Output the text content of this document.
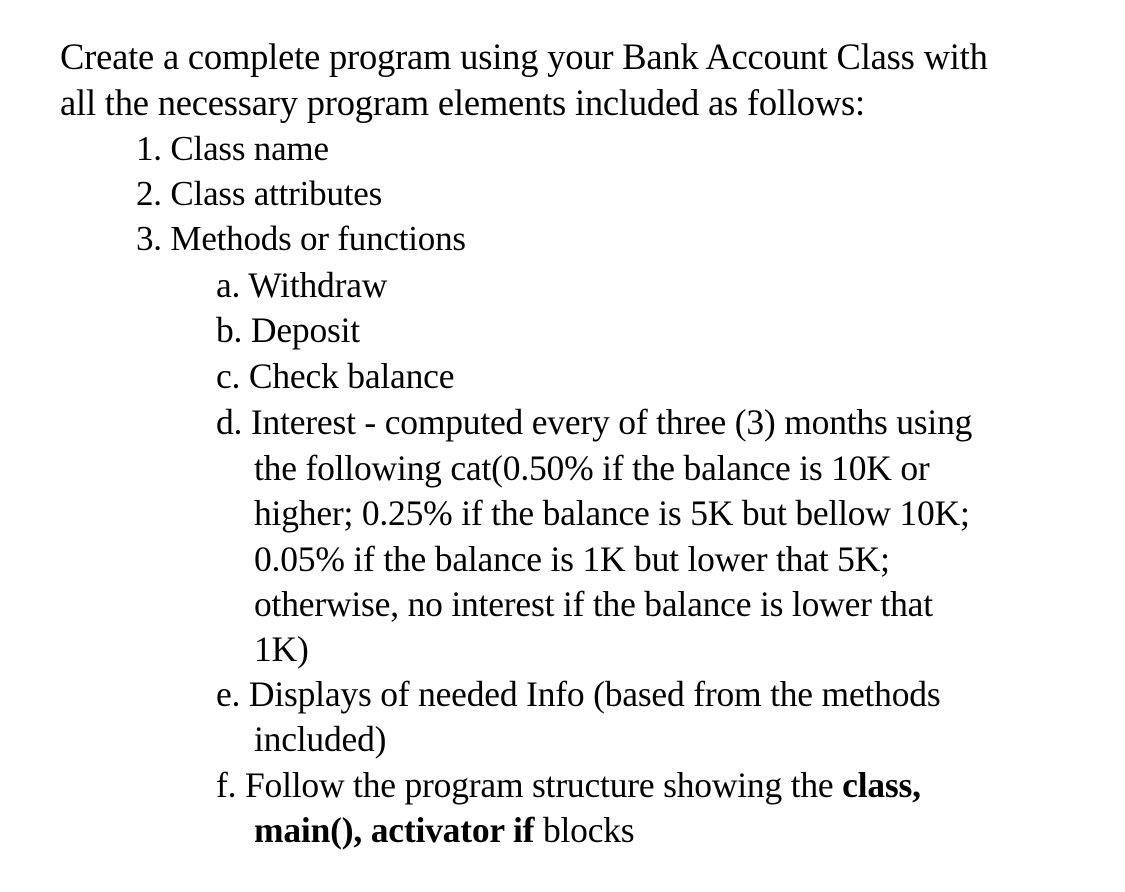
Create a complete program using your Bank Account Class with
all the necessary program elements included as follows:
1. Class name
2. Class attributes
3. Methods or functions
a. Withdraw
b. Deposit
c. Check balance
d. Interest - computed every of three (3) months using
the following cat(0.50% if the balance is 10K or
higher; 0.25% if the balance is 5K but bellow 10K;
0.05% if the balance is 1K but lower that 5K;
otherwise, no interest if the balance is lower that
1K)
e. Displays of needed Info (based from the methods
included)
f. Follow the program structure showing the class,
main(), activator if blocks
